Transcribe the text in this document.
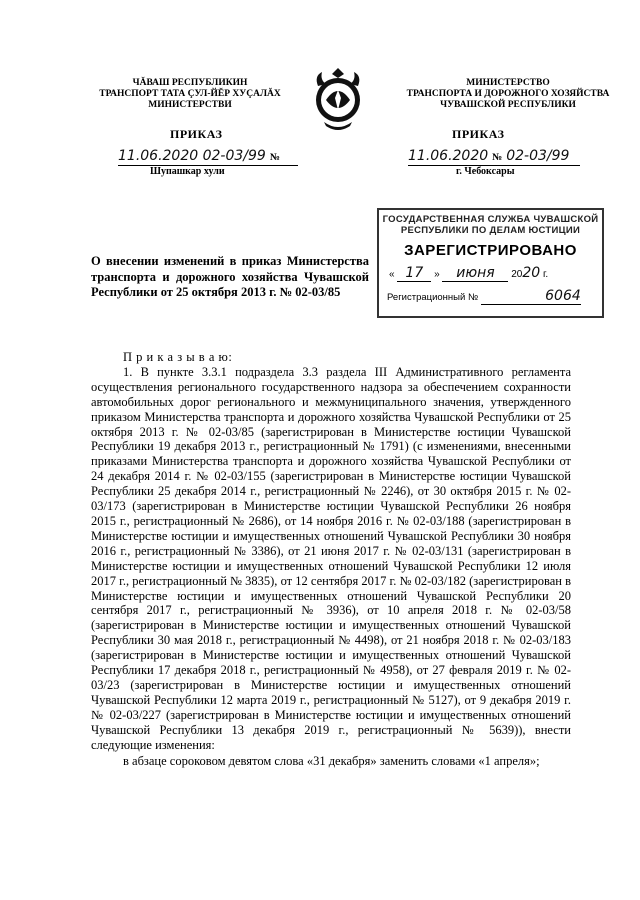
ЧĂВАШ РЕСПУБЛИКИН
ТРАНСПОРТ ТАТА ÇУЛ-ЙĔР ХУÇАЛĂХ
МИНИСТЕРСТВИ
МИНИСТЕРСТВО
ТРАНСПОРТА И ДОРОЖНОГО ХОЗЯЙСТВА
ЧУВАШСКОЙ РЕСПУБЛИКИ
ПРИКАЗ	ПРИКАЗ
11.06.2020 02-03/99 №
Шупашкар хули
11.06.2020 № 02-03/99
г. Чебоксары
ГОСУДАРСТВЕННАЯ СЛУЖБА ЧУВАШСКОЙ
РЕСПУБЛИКИ ПО ДЕЛАМ ЮСТИЦИИ
ЗАРЕГИСТРИРОВАНО
« 17 » июня 2020 г.
Регистрационный №	6064
О внесении изменений в приказ Министерства транспорта и дорожного хозяйства Чувашской Республики от 25 октября 2013 г. № 02-03/85

П р и к а з ы в а ю:

1. В пункте 3.3.1 подраздела 3.3 раздела III Административного регламента осуществления регионального государственного надзора за обеспечением сохранности автомобильных дорог регионального и межмуниципального значения, утвержденного приказом Министерства транспорта и дорожного хозяйства Чувашской Республики от 25 октября 2013 г. № 02-03/85 (зарегистрирован в Министерстве юстиции Чувашской Республики 19 декабря 2013 г., регистрационный № 1791) (с изменениями, внесенными приказами Министерства транспорта и дорожного хозяйства Чувашской Республики от 24 декабря 2014 г. № 02-03/155 (зарегистрирован в Министерстве юстиции Чувашской Республики 25 декабря 2014 г., регистрационный № 2246), от 30 октября 2015 г. № 02-03/173 (зарегистрирован в Министерстве юстиции Чувашской Республики 26 ноября 2015 г., регистрационный № 2686), от 14 ноября 2016 г. № 02-03/188 (зарегистрирован в Министерстве юстиции и имущественных отношений Чувашской Республики 30 ноября 2016 г., регистрационный № 3386), от 21 июня 2017 г. № 02-03/131 (зарегистрирован в Министерстве юстиции и имущественных отношений Чувашской Республики 12 июля 2017 г., регистрационный № 3835), от 12 сентября 2017 г. № 02-03/182 (зарегистрирован в Министерстве юстиции и имущественных отношений Чувашской Республики 20 сентября 2017 г., регистрационный № 3936), от 10 апреля 2018 г. № 02-03/58 (зарегистрирован в Министерстве юстиции и имущественных отношений Чувашской Республики 30 мая 2018 г., регистрационный № 4498), от 21 ноября 2018 г. № 02-03/183 (зарегистрирован в Министерстве юстиции и имущественных отношений Чувашской Республики 17 декабря 2018 г., регистрационный № 4958), от 27 февраля 2019 г. № 02-03/23 (зарегистрирован в Министерстве юстиции и имущественных отношений Чувашской Республики 12 марта 2019 г., регистрационный № 5127), от 9 декабря 2019 г. № 02-03/227 (зарегистрирован в Министерстве юстиции и имущественных отношений Чувашской Республики 13 декабря 2019 г., регистрационный № 5639)), внести следующие изменения:

в абзаце сороковом девятом слова «31 декабря» заменить словами «1 апреля»;
